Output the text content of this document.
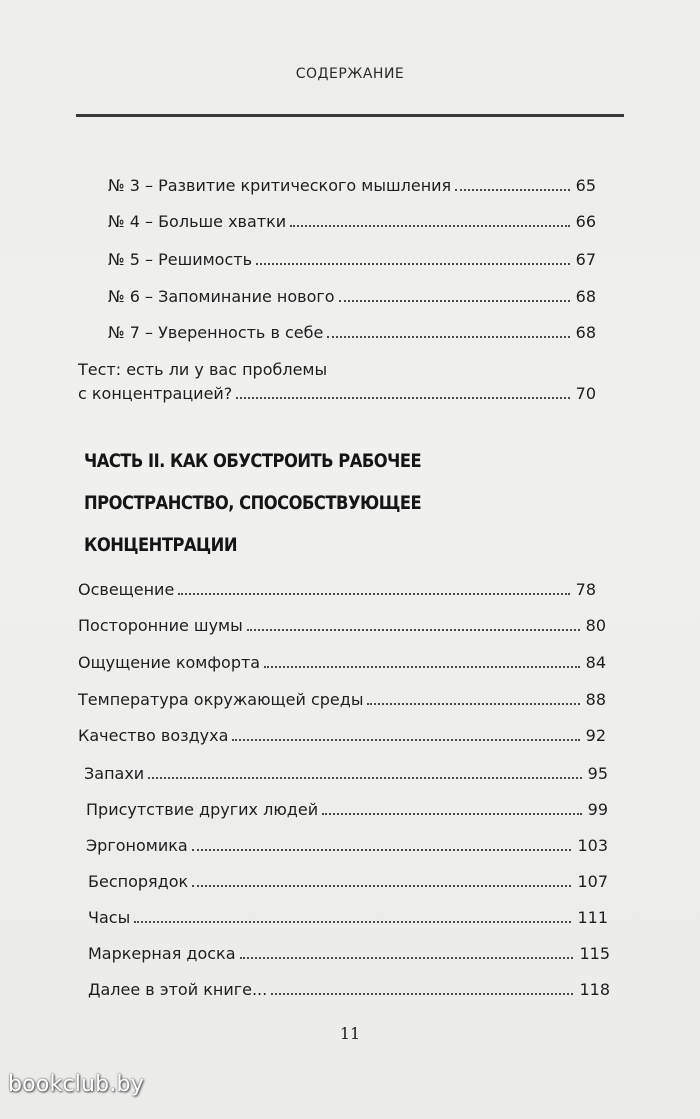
СОДЕРЖАНИЕ
№ 3 – Развитие критического мышления	65
№ 4 – Больше хватки	66
№ 5 – Решимость	67
№ 6 – Запоминание нового	68
№ 7 – Уверенность в себе	68
Тест: есть ли у вас проблемы
с концентрацией?	70
ЧАСТЬ II. КАК ОБУСТРОИТЬ РАБОЧЕЕ
ПРОСТРАНСТВО, СПОСОБСТВУЮЩЕЕ
КОНЦЕНТРАЦИИ
Освещение	78
Посторонние шумы	80
Ощущение комфорта	84
Температура окружающей среды	88
Качество воздуха	92
Запахи	95
Присутствие других людей	99
Эргономика	103
Беспорядок	107
Часы	111
Маркерная доска	115
Далее в этой книге...	118
11
bookclub.by
